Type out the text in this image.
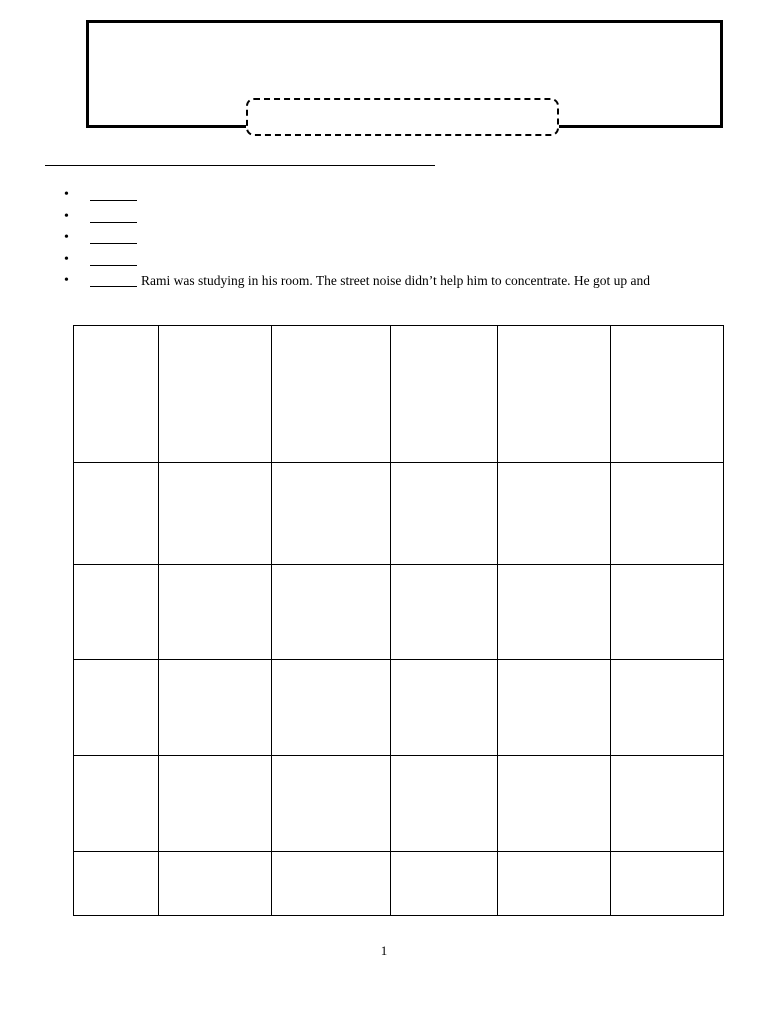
•
•
•
•
•	Rami was studying in his room. The street noise didn’t help him to concentrate. He got up and

1
